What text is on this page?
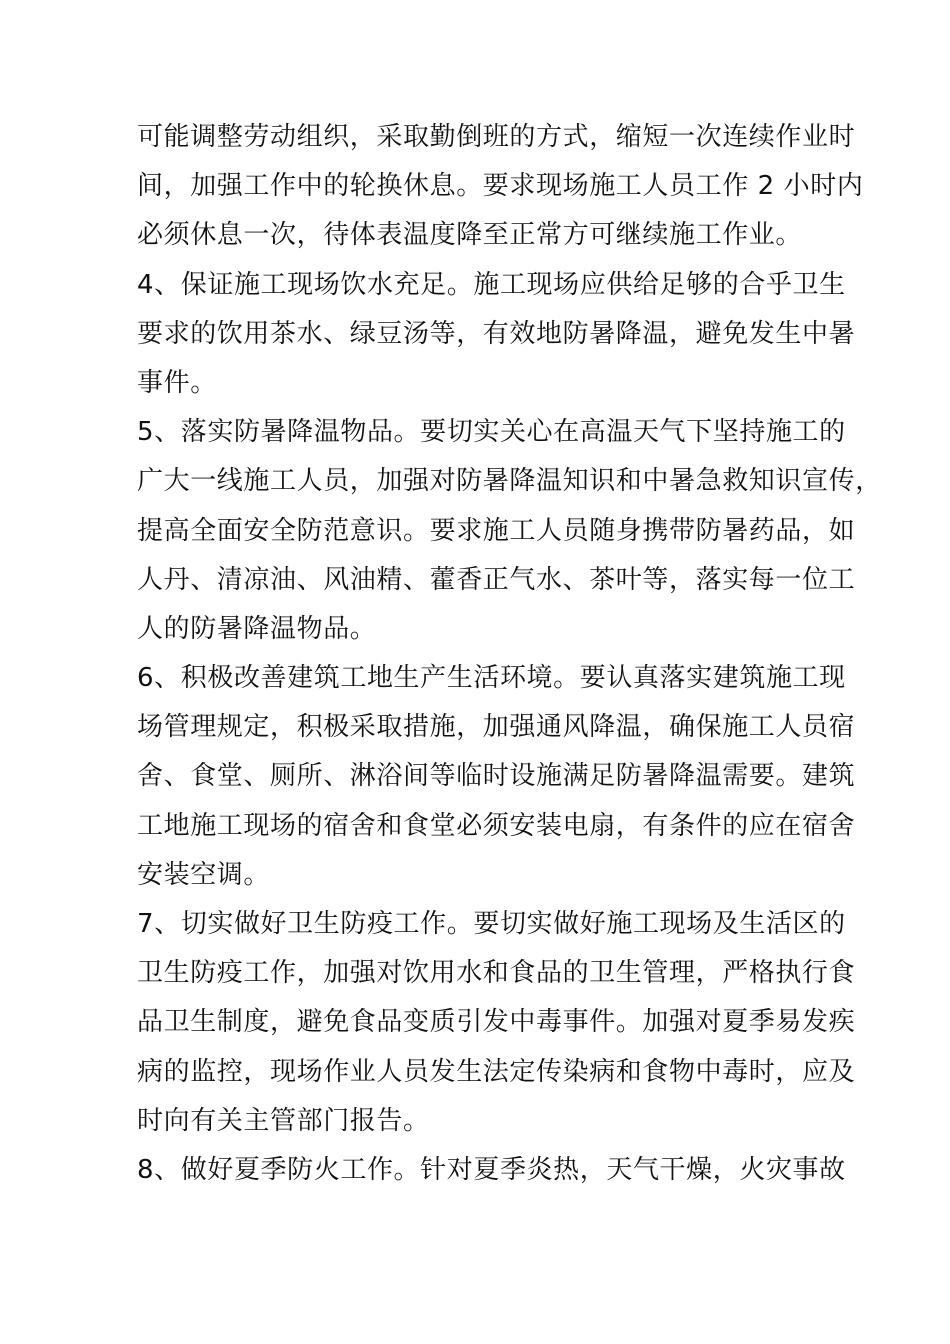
可能调整劳动组织，采取勤倒班的方式，缩短一次连续作业时
间，加强工作中的轮换休息。要求现场施工人员工作 2 小时内
必须休息一次，待体表温度降至正常方可继续施工作业。
4、保证施工现场饮水充足。施工现场应供给足够的合乎卫生
要求的饮用茶水、绿豆汤等，有效地防暑降温，避免发生中暑
事件。
5、落实防暑降温物品。要切实关心在高温天气下坚持施工的
广大一线施工人员，加强对防暑降温知识和中暑急救知识宣传，
提高全面安全防范意识。要求施工人员随身携带防暑药品，如
人丹、清凉油、风油精、藿香正气水、茶叶等，落实每一位工
人的防暑降温物品。
6、积极改善建筑工地生产生活环境。要认真落实建筑施工现
场管理规定，积极采取措施，加强通风降温，确保施工人员宿
舍、食堂、厕所、淋浴间等临时设施满足防暑降温需要。建筑
工地施工现场的宿舍和食堂必须安装电扇，有条件的应在宿舍
安装空调。
7、切实做好卫生防疫工作。要切实做好施工现场及生活区的
卫生防疫工作，加强对饮用水和食品的卫生管理，严格执行食
品卫生制度，避免食品变质引发中毒事件。加强对夏季易发疾
病的监控，现场作业人员发生法定传染病和食物中毒时，应及
时向有关主管部门报告。
8、做好夏季防火工作。针对夏季炎热，天气干燥，火灾事故
